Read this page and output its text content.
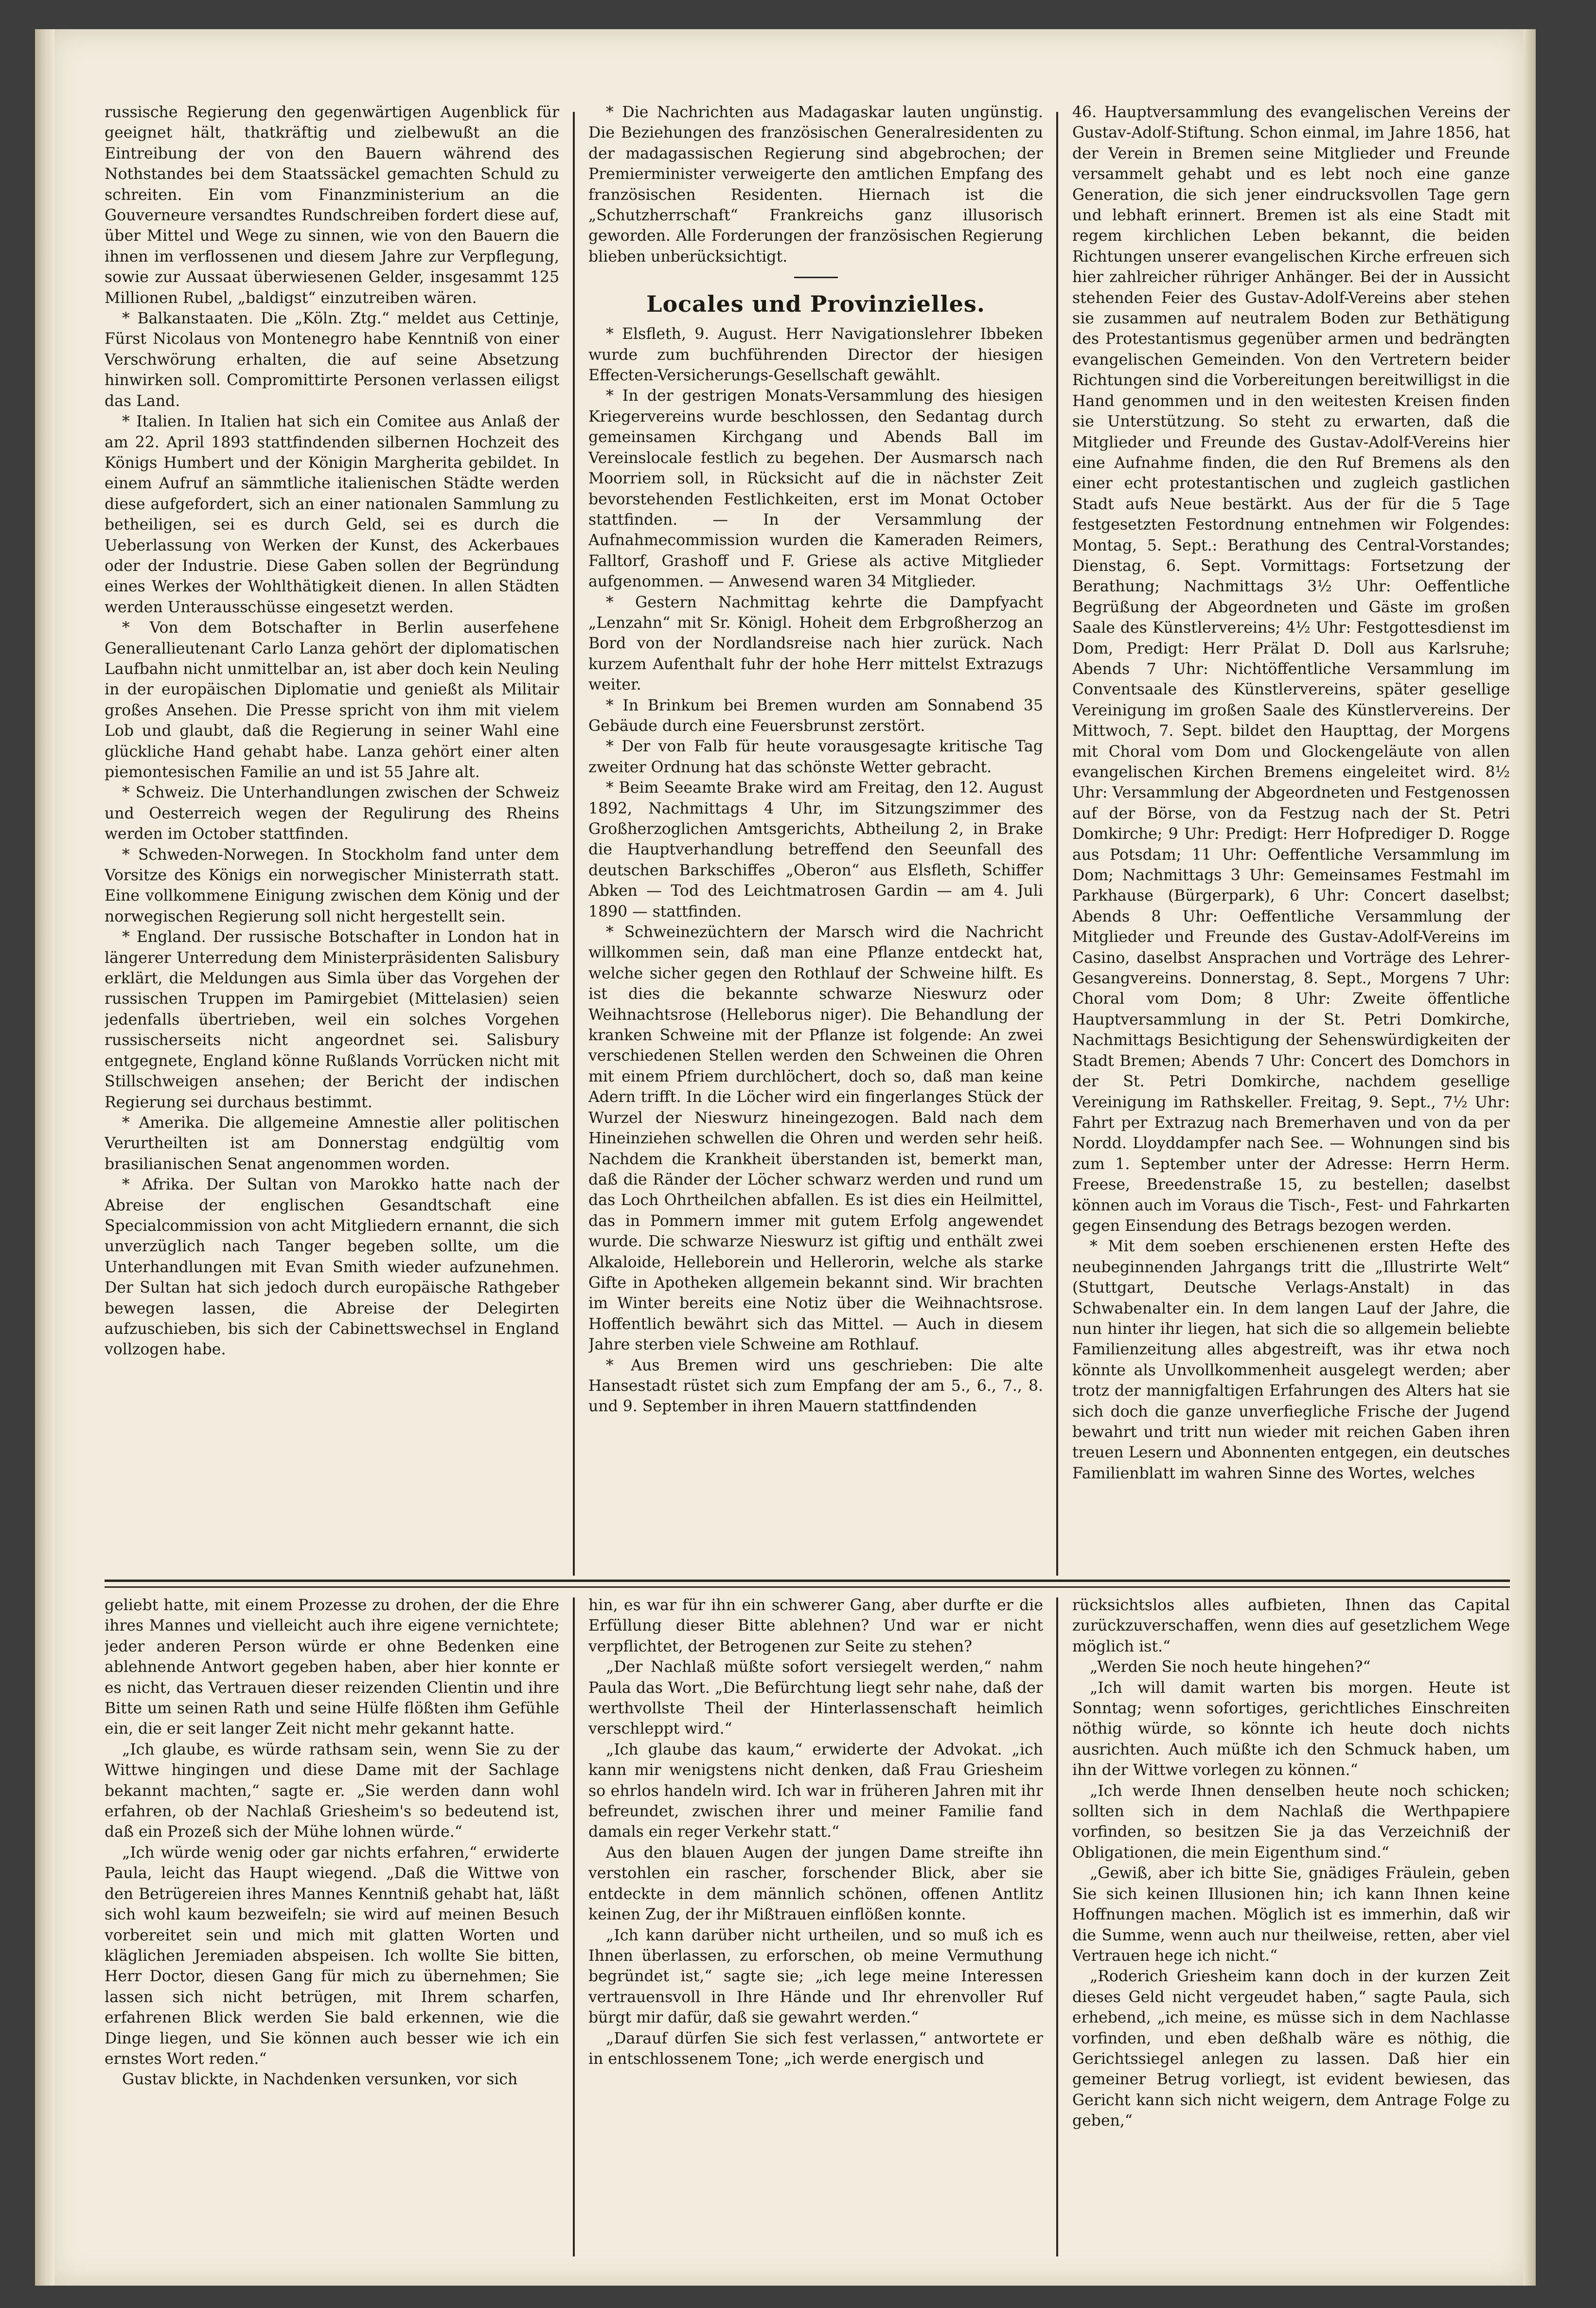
russische Regierung den gegenwärtigen Augenblick für geeignet hält, thatkräftig und zielbewußt an die Eintreibung der von den Bauern während des Nothstandes bei dem Staatssäckel gemachten Schuld zu schreiten. Ein vom Finanzministerium an die Gouverneure versandtes Rundschreiben fordert diese auf, über Mittel und Wege zu sinnen, wie von den Bauern die ihnen im verflossenen und diesem Jahre zur Verpflegung, sowie zur Aussaat überwiesenen Gelder, insgesammt 125 Millionen Rubel, „baldigst“ einzutreiben wären.

* Balkanstaaten. Die „Köln. Ztg.“ meldet aus Cettinje, Fürst Nicolaus von Montenegro habe Kenntniß von einer Verschwörung erhalten, die auf seine Absetzung hinwirken soll. Compromittirte Personen verlassen eiligst das Land.

* Italien. In Italien hat sich ein Comitee aus Anlaß der am 22. April 1893 stattfindenden silbernen Hochzeit des Königs Humbert und der Königin Margherita gebildet. In einem Aufruf an sämmtliche italienischen Städte werden diese aufgefordert, sich an einer nationalen Sammlung zu betheiligen, sei es durch Geld, sei es durch die Ueberlassung von Werken der Kunst, des Ackerbaues oder der Industrie. Diese Gaben sollen der Begründung eines Werkes der Wohlthätigkeit dienen. In allen Städten werden Unterausschüsse eingesetzt werden.

* Von dem Botschafter in Berlin auserfehene Generallieutenant Carlo Lanza gehört der diplomatischen Laufbahn nicht unmittelbar an, ist aber doch kein Neuling in der europäischen Diplomatie und genießt als Militair großes Ansehen. Die Presse spricht von ihm mit vielem Lob und glaubt, daß die Regierung in seiner Wahl eine glückliche Hand gehabt habe. Lanza gehört einer alten piemontesischen Familie an und ist 55 Jahre alt.

* Schweiz. Die Unterhandlungen zwischen der Schweiz und Oesterreich wegen der Regulirung des Rheins werden im October stattfinden.

* Schweden-Norwegen. In Stockholm fand unter dem Vorsitze des Königs ein norwegischer Ministerrath statt. Eine vollkommene Einigung zwischen dem König und der norwegischen Regierung soll nicht hergestellt sein.

* England. Der russische Botschafter in London hat in längerer Unterredung dem Ministerpräsidenten Salisbury erklärt, die Meldungen aus Simla über das Vorgehen der russischen Truppen im Pamirgebiet (Mittelasien) seien jedenfalls übertrieben, weil ein solches Vorgehen russischerseits nicht angeordnet sei. Salisbury entgegnete, England könne Rußlands Vorrücken nicht mit Stillschweigen ansehen; der Bericht der indischen Regierung sei durchaus bestimmt.

* Amerika. Die allgemeine Amnestie aller politischen Verurtheilten ist am Donnerstag endgültig vom brasilianischen Senat angenommen worden.

* Afrika. Der Sultan von Marokko hatte nach der Abreise der englischen Gesandtschaft eine Specialcommission von acht Mitgliedern ernannt, die sich unverzüglich nach Tanger begeben sollte, um die Unterhandlungen mit Evan Smith wieder aufzunehmen. Der Sultan hat sich jedoch durch europäische Rathgeber bewegen lassen, die Abreise der Delegirten aufzuschieben, bis sich der Cabinettswechsel in England vollzogen habe.

* Die Nachrichten aus Madagaskar lauten ungünstig. Die Beziehungen des französischen Generalresidenten zu der madagassischen Regierung sind abgebrochen; der Premierminister verweigerte den amtlichen Empfang des französischen Residenten. Hiernach ist die „Schutzherrschaft“ Frankreichs ganz illusorisch geworden. Alle Forderungen der französischen Regierung blieben unberücksichtigt.

Locales und Provinzielles.

* Elsfleth, 9. August. Herr Navigationslehrer Ibbeken wurde zum buchführenden Director der hiesigen Effecten-Versicherungs-Gesellschaft gewählt.

* In der gestrigen Monats-Versammlung des hiesigen Kriegervereins wurde beschlossen, den Sedantag durch gemeinsamen Kirchgang und Abends Ball im Vereinslocale festlich zu begehen. Der Ausmarsch nach Moorriem soll, in Rücksicht auf die in nächster Zeit bevorstehenden Festlichkeiten, erst im Monat October stattfinden. — In der Versammlung der Aufnahmecommission wurden die Kameraden Reimers, Falltorf, Grashoff und F. Griese als active Mitglieder aufgenommen. — Anwesend waren 34 Mitglieder.

* Gestern Nachmittag kehrte die Dampfyacht „Lenzahn“ mit Sr. Königl. Hoheit dem Erbgroßherzog an Bord von der Nordlandsreise nach hier zurück. Nach kurzem Aufenthalt fuhr der hohe Herr mittelst Extrazugs weiter.

* In Brinkum bei Bremen wurden am Sonnabend 35 Gebäude durch eine Feuersbrunst zerstört.

* Der von Falb für heute vorausgesagte kritische Tag zweiter Ordnung hat das schönste Wetter gebracht.

* Beim Seeamte Brake wird am Freitag, den 12. August 1892, Nachmittags 4 Uhr, im Sitzungszimmer des Großherzoglichen Amtsgerichts, Abtheilung 2, in Brake die Hauptverhandlung betreffend den Seeunfall des deutschen Barkschiffes „Oberon“ aus Elsfleth, Schiffer Abken — Tod des Leichtmatrosen Gardin — am 4. Juli 1890 — stattfinden.

* Schweinezüchtern der Marsch wird die Nachricht willkommen sein, daß man eine Pflanze entdeckt hat, welche sicher gegen den Rothlauf der Schweine hilft. Es ist dies die bekannte schwarze Nieswurz oder Weihnachtsrose (Helleborus niger). Die Behandlung der kranken Schweine mit der Pflanze ist folgende: An zwei verschiedenen Stellen werden den Schweinen die Ohren mit einem Pfriem durchlöchert, doch so, daß man keine Adern trifft. In die Löcher wird ein fingerlanges Stück der Wurzel der Nieswurz hineingezogen. Bald nach dem Hineinziehen schwellen die Ohren und werden sehr heiß. Nachdem die Krankheit überstanden ist, bemerkt man, daß die Ränder der Löcher schwarz werden und rund um das Loch Ohrtheilchen abfallen. Es ist dies ein Heilmittel, das in Pommern immer mit gutem Erfolg angewendet wurde. Die schwarze Nieswurz ist giftig und enthält zwei Alkaloide, Helleborein und Hellerorin, welche als starke Gifte in Apotheken allgemein bekannt sind. Wir brachten im Winter bereits eine Notiz über die Weihnachtsrose. Hoffentlich bewährt sich das Mittel. — Auch in diesem Jahre sterben viele Schweine am Rothlauf.

* Aus Bremen wird uns geschrieben: Die alte Hansestadt rüstet sich zum Empfang der am 5., 6., 7., 8. und 9. September in ihren Mauern stattfindenden

46. Hauptversammlung des evangelischen Vereins der Gustav-Adolf-Stiftung. Schon einmal, im Jahre 1856, hat der Verein in Bremen seine Mitglieder und Freunde versammelt gehabt und es lebt noch eine ganze Generation, die sich jener eindrucksvollen Tage gern und lebhaft erinnert. Bremen ist als eine Stadt mit regem kirchlichen Leben bekannt, die beiden Richtungen unserer evangelischen Kirche erfreuen sich hier zahlreicher rühriger Anhänger. Bei der in Aussicht stehenden Feier des Gustav-Adolf-Vereins aber stehen sie zusammen auf neutralem Boden zur Bethätigung des Protestantismus gegenüber armen und bedrängten evangelischen Gemeinden. Von den Vertretern beider Richtungen sind die Vorbereitungen bereitwilligst in die Hand genommen und in den weitesten Kreisen finden sie Unterstützung. So steht zu erwarten, daß die Mitglieder und Freunde des Gustav-Adolf-Vereins hier eine Aufnahme finden, die den Ruf Bremens als den einer echt protestantischen und zugleich gastlichen Stadt aufs Neue bestärkt. Aus der für die 5 Tage festgesetzten Festordnung entnehmen wir Folgendes: Montag, 5. Sept.: Berathung des Central-Vorstandes; Dienstag, 6. Sept. Vormittags: Fortsetzung der Berathung; Nachmittags 3½ Uhr: Oeffentliche Begrüßung der Abgeordneten und Gäste im großen Saale des Künstlervereins; 4½ Uhr: Festgottesdienst im Dom, Predigt: Herr Prälat D. Doll aus Karlsruhe; Abends 7 Uhr: Nichtöffentliche Versammlung im Conventsaale des Künstlervereins, später gesellige Vereinigung im großen Saale des Künstlervereins. Der Mittwoch, 7. Sept. bildet den Haupttag, der Morgens mit Choral vom Dom und Glockengeläute von allen evangelischen Kirchen Bremens eingeleitet wird. 8½ Uhr: Versammlung der Abgeordneten und Festgenossen auf der Börse, von da Festzug nach der St. Petri Domkirche; 9 Uhr: Predigt: Herr Hofprediger D. Rogge aus Potsdam; 11 Uhr: Oeffentliche Versammlung im Dom; Nachmittags 3 Uhr: Gemeinsames Festmahl im Parkhause (Bürgerpark), 6 Uhr: Concert daselbst; Abends 8 Uhr: Oeffentliche Versammlung der Mitglieder und Freunde des Gustav-Adolf-Vereins im Casino, daselbst Ansprachen und Vorträge des Lehrer-Gesangvereins. Donnerstag, 8. Sept., Morgens 7 Uhr: Choral vom Dom; 8 Uhr: Zweite öffentliche Hauptversammlung in der St. Petri Domkirche, Nachmittags Besichtigung der Sehenswürdigkeiten der Stadt Bremen; Abends 7 Uhr: Concert des Domchors in der St. Petri Domkirche, nachdem gesellige Vereinigung im Rathskeller. Freitag, 9. Sept., 7½ Uhr: Fahrt per Extrazug nach Bremerhaven und von da per Nordd. Lloyddampfer nach See. — Wohnungen sind bis zum 1. September unter der Adresse: Herrn Herm. Freese, Breedenstraße 15, zu bestellen; daselbst können auch im Voraus die Tisch-, Fest- und Fahrkarten gegen Einsendung des Betrags bezogen werden.

* Mit dem soeben erschienenen ersten Hefte des neubeginnenden Jahrgangs tritt die „Illustrirte Welt“ (Stuttgart, Deutsche Verlags-Anstalt) in das Schwabenalter ein. In dem langen Lauf der Jahre, die nun hinter ihr liegen, hat sich die so allgemein beliebte Familienzeitung alles abgestreift, was ihr etwa noch könnte als Unvollkommenheit ausgelegt werden; aber trotz der mannigfaltigen Erfahrungen des Alters hat sie sich doch die ganze unverfiegliche Frische der Jugend bewahrt und tritt nun wieder mit reichen Gaben ihren treuen Lesern und Abonnenten entgegen, ein deutsches Familienblatt im wahren Sinne des Wortes, welches

geliebt hatte, mit einem Prozesse zu drohen, der die Ehre ihres Mannes und vielleicht auch ihre eigene vernichtete; jeder anderen Person würde er ohne Bedenken eine ablehnende Antwort gegeben haben, aber hier konnte er es nicht, das Vertrauen dieser reizenden Clientin und ihre Bitte um seinen Rath und seine Hülfe flößten ihm Gefühle ein, die er seit langer Zeit nicht mehr gekannt hatte.

„Ich glaube, es würde rathsam sein, wenn Sie zu der Wittwe hingingen und diese Dame mit der Sachlage bekannt machten,“ sagte er. „Sie werden dann wohl erfahren, ob der Nachlaß Griesheim's so bedeutend ist, daß ein Prozeß sich der Mühe lohnen würde.“

„Ich würde wenig oder gar nichts erfahren,“ erwiderte Paula, leicht das Haupt wiegend. „Daß die Wittwe von den Betrügereien ihres Mannes Kenntniß gehabt hat, läßt sich wohl kaum bezweifeln; sie wird auf meinen Besuch vorbereitet sein und mich mit glatten Worten und kläglichen Jeremiaden abspeisen. Ich wollte Sie bitten, Herr Doctor, diesen Gang für mich zu übernehmen; Sie lassen sich nicht betrügen, mit Ihrem scharfen, erfahrenen Blick werden Sie bald erkennen, wie die Dinge liegen, und Sie können auch besser wie ich ein ernstes Wort reden.“

Gustav blickte, in Nachdenken versunken, vor sich

hin, es war für ihn ein schwerer Gang, aber durfte er die Erfüllung dieser Bitte ablehnen? Und war er nicht verpflichtet, der Betrogenen zur Seite zu stehen?

„Der Nachlaß müßte sofort versiegelt werden,“ nahm Paula das Wort. „Die Befürchtung liegt sehr nahe, daß der werthvollste Theil der Hinterlassenschaft heimlich verschleppt wird.“

„Ich glaube das kaum,“ erwiderte der Advokat. „ich kann mir wenigstens nicht denken, daß Frau Griesheim so ehrlos handeln wird. Ich war in früheren Jahren mit ihr befreundet, zwischen ihrer und meiner Familie fand damals ein reger Verkehr statt.“

Aus den blauen Augen der jungen Dame streifte ihn verstohlen ein rascher, forschender Blick, aber sie entdeckte in dem männlich schönen, offenen Antlitz keinen Zug, der ihr Mißtrauen einflößen konnte.

„Ich kann darüber nicht urtheilen, und so muß ich es Ihnen überlassen, zu erforschen, ob meine Vermuthung begründet ist,“ sagte sie; „ich lege meine Interessen vertrauensvoll in Ihre Hände und Ihr ehrenvoller Ruf bürgt mir dafür, daß sie gewahrt werden.“

„Darauf dürfen Sie sich fest verlassen,“ antwortete er in entschlossenem Tone; „ich werde energisch und

rücksichtslos alles aufbieten, Ihnen das Capital zurückzuverschaffen, wenn dies auf gesetzlichem Wege möglich ist.“

„Werden Sie noch heute hingehen?“

„Ich will damit warten bis morgen. Heute ist Sonntag; wenn sofortiges, gerichtliches Einschreiten nöthig würde, so könnte ich heute doch nichts ausrichten. Auch müßte ich den Schmuck haben, um ihn der Wittwe vorlegen zu können.“

„Ich werde Ihnen denselben heute noch schicken; sollten sich in dem Nachlaß die Werthpapiere vorfinden, so besitzen Sie ja das Verzeichniß der Obligationen, die mein Eigenthum sind.“

„Gewiß, aber ich bitte Sie, gnädiges Fräulein, geben Sie sich keinen Illusionen hin; ich kann Ihnen keine Hoffnungen machen. Möglich ist es immerhin, daß wir die Summe, wenn auch nur theilweise, retten, aber viel Vertrauen hege ich nicht.“

„Roderich Griesheim kann doch in der kurzen Zeit dieses Geld nicht vergeudet haben,“ sagte Paula, sich erhebend, „ich meine, es müsse sich in dem Nachlasse vorfinden, und eben deßhalb wäre es nöthig, die Gerichtssiegel anlegen zu lassen. Daß hier ein gemeiner Betrug vorliegt, ist evident bewiesen, das Gericht kann sich nicht weigern, dem Antrage Folge zu geben,“
